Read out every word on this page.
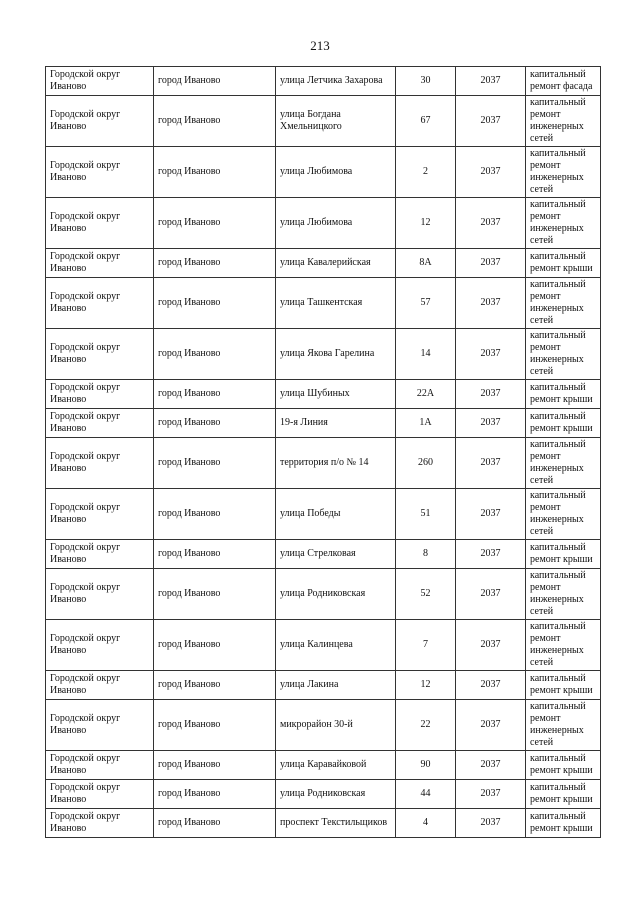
213
Городской округ Иваново	город Иваново	улица Летчика Захарова	30	2037	капитальный ремонт фасада
Городской округ Иваново	город Иваново	улица Богдана Хмельницкого	67	2037	капитальный ремонт инженерных сетей
Городской округ Иваново	город Иваново	улица Любимова	2	2037	капитальный ремонт инженерных сетей
Городской округ Иваново	город Иваново	улица Любимова	12	2037	капитальный ремонт инженерных сетей
Городской округ Иваново	город Иваново	улица Кавалерийская	8А	2037	капитальный ремонт крыши
Городской округ Иваново	город Иваново	улица Ташкентская	57	2037	капитальный ремонт инженерных сетей
Городской округ Иваново	город Иваново	улица Якова Гарелина	14	2037	капитальный ремонт инженерных сетей
Городской округ Иваново	город Иваново	улица Шубиных	22А	2037	капитальный ремонт крыши
Городской округ Иваново	город Иваново	19-я Линия	1А	2037	капитальный ремонт крыши
Городской округ Иваново	город Иваново	территория п/о № 14	260	2037	капитальный ремонт инженерных сетей
Городской округ Иваново	город Иваново	улица Победы	51	2037	капитальный ремонт инженерных сетей
Городской округ Иваново	город Иваново	улица Стрелковая	8	2037	капитальный ремонт крыши
Городской округ Иваново	город Иваново	улица Родниковская	52	2037	капитальный ремонт инженерных сетей
Городской округ Иваново	город Иваново	улица Калинцева	7	2037	капитальный ремонт инженерных сетей
Городской округ Иваново	город Иваново	улица Лакина	12	2037	капитальный ремонт крыши
Городской округ Иваново	город Иваново	микрорайон 30-й	22	2037	капитальный ремонт инженерных сетей
Городской округ Иваново	город Иваново	улица Каравайковой	90	2037	капитальный ремонт крыши
Городской округ Иваново	город Иваново	улица Родниковская	44	2037	капитальный ремонт крыши
Городской округ Иваново	город Иваново	проспект Текстильщиков	4	2037	капитальный ремонт крыши
